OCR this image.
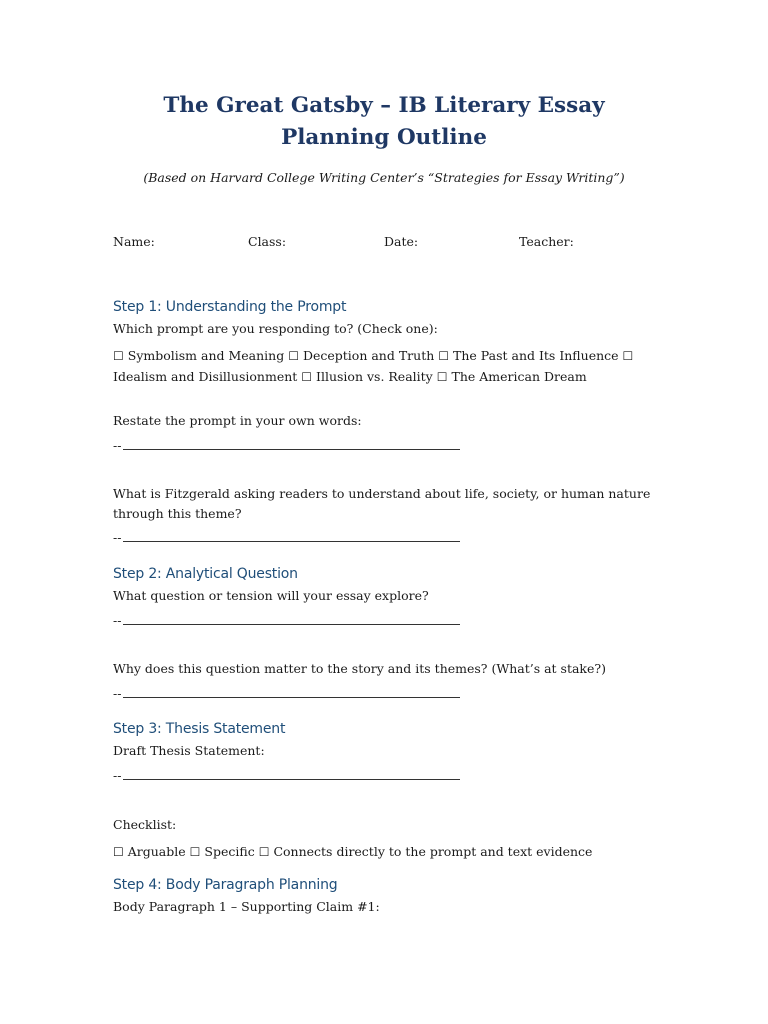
The Great Gatsby – IB Literary Essay Planning Outline

(Based on Harvard College Writing Center’s “Strategies for Essay Writing”)

Name:	Class:	Date:	Teacher:
Step 1: Understanding the Prompt
Which prompt are you responding to? (Check one):
☐ Symbolism and Meaning ☐ Deception and Truth ☐ The Past and Its Influence ☐ Idealism and Disillusionment ☐ Illusion vs. Reality ☐ The American Dream
Restate the prompt in your own words:
--
What is Fitzgerald asking readers to understand about life, society, or human nature through this theme?
--
Step 2: Analytical Question
What question or tension will your essay explore?
--
Why does this question matter to the story and its themes? (What’s at stake?)
--
Step 3: Thesis Statement
Draft Thesis Statement:
--
Checklist:
☐ Arguable ☐ Specific ☐ Connects directly to the prompt and text evidence
Step 4: Body Paragraph Planning
Body Paragraph 1 – Supporting Claim #1:
